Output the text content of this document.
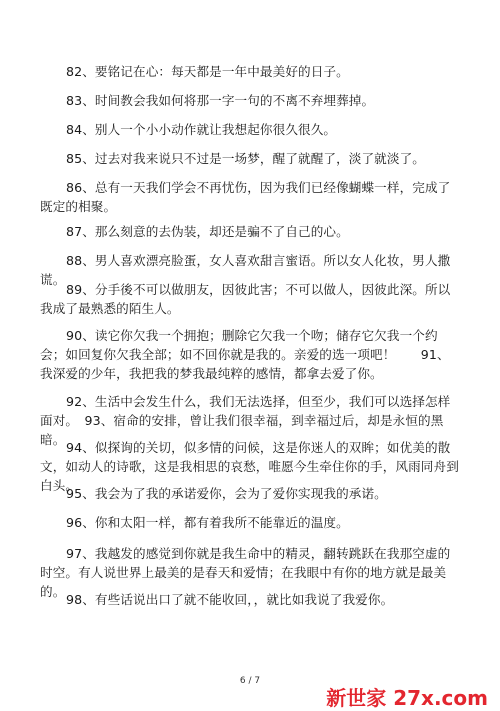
82、要铭记在心：每天都是一年中最美好的日子。
83、时间教会我如何将那一字一句的不离不弃埋葬掉。
84、别人一个小小动作就让我想起你很久很久。
85、过去对我来说只不过是一场梦，醒了就醒了，淡了就淡了。
86、总有一天我们学会不再忧伤，因为我们已经像蝴蝶一样，完成了既定的相聚。
87、那么刻意的去伪装，却还是骗不了自己的心。
88、男人喜欢漂亮脸蛋，女人喜欢甜言蜜语。所以女人化妆，男人撒谎。
89、分手後不可以做朋友，因彼此害；不可以做人，因彼此深。所以我成了最熟悉的陌生人。
90、读它你欠我一个拥抱；删除它欠我一个吻；储存它欠我一个约会；如回复你欠我全部；如不回你就是我的。亲爱的选一项吧！　　91、我深爱的少年，我把我的梦我最纯粹的感情，都拿去爱了你。
92、生活中会发生什么，我们无法选择，但至少，我们可以选择怎样面对。　93、宿命的安排，曾让我们很幸福，到幸福过后，却是永恒的黑暗。
94、似探询的关切，似多情的问候，这是你迷人的双眸；如优美的散文，如动人的诗歌，这是我相思的哀愁，唯愿今生牵住你的手，风雨同舟到白头。
95、我会为了我的承诺爱你，会为了爱你实现我的承诺。
96、你和太阳一样，都有着我所不能靠近的温度。
97、我越发的感觉到你就是我生命中的精灵，翻转跳跃在我那空虚的时空。有人说世界上最美的是春天和爱情；在我眼中有你的地方就是最美的。
98、有些话说出口了就不能收回，，就比如我说了我爱你。
6 / 7
新世家 27x.com
